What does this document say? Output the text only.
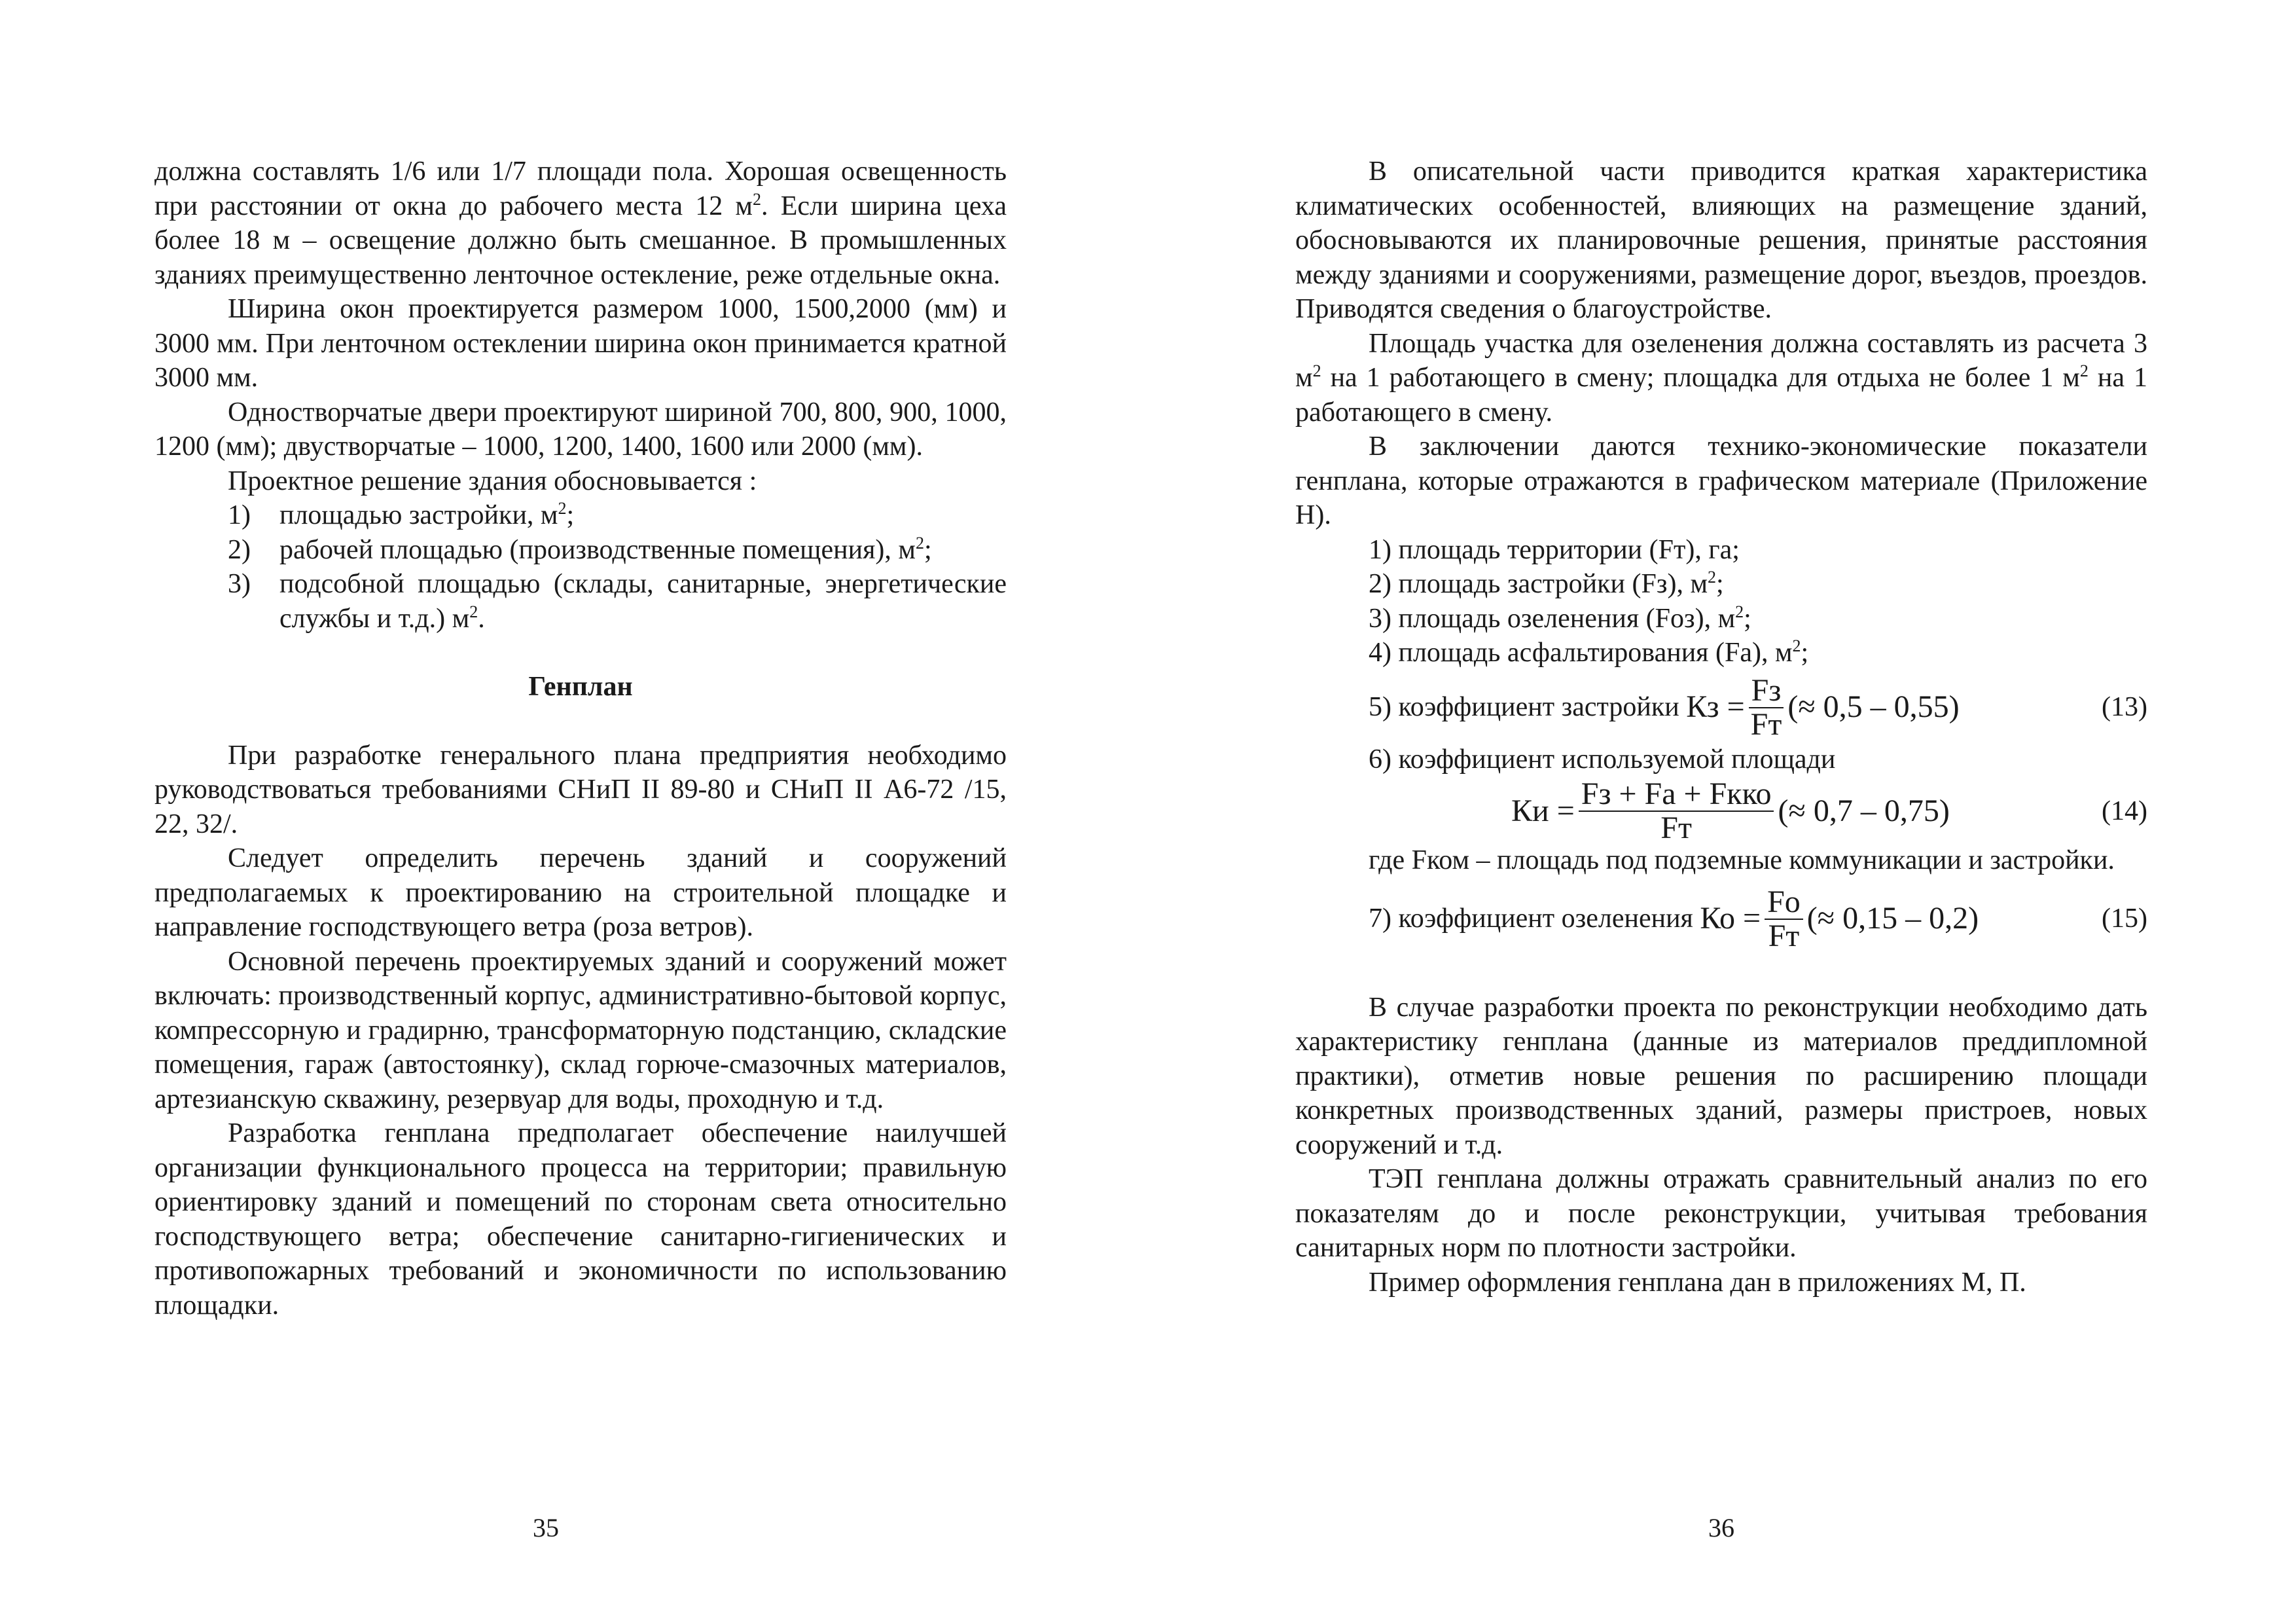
должна составлять 1/6 или 1/7 площади пола. Хорошая освещенность при расстоянии от окна до рабочего места 12 $м^2$. Если ширина цеха более 18 м – освещение должно быть смешанное. В промышленных зданиях преимущественно ленточное остекление, реже отдельные окна.

Ширина окон проектируется размером 1000, 1500,2000 (мм) и 3000 мм. При ленточном остеклении ширина окон принимается кратной 3000 мм.

Одностворчатые двери проектируют шириной 700, 800, 900, 1000, 1200 (мм); двустворчатые – 1000, 1200, 1400, 1600 или 2000 (мм).

Проектное решение здания обосновывается :

1)	площадью застройки, $м^2$;
2)	рабочей площадью (производственные помещения), $м^2$;
3)	подсобной площадью (склады, санитарные, энергетические службы и т.д.) $м^2$.
Генплан

При разработке генерального плана предприятия необходимо руководствоваться требованиями СНиП II 89-80 и СНиП II А6-72 /15, 22, 32/.

Следует определить перечень зданий и сооружений предполагаемых к проектированию на строительной площадке и направление господствующего ветра (роза ветров).

Основной перечень проектируемых зданий и сооружений может включать: производственный корпус, административно-бытовой корпус, компрессорную и градирню, трансформаторную подстанцию, складские помещения, гараж (автостоянку), склад горюче-смазочных материалов, артезианскую скважину, резервуар для воды, проходную и т.д.

Разработка генплана предполагает обеспечение наилучшей организации функционального процесса на территории; правильную ориентировку зданий и помещений по сторонам света относительно господствующего ветра; обеспечение санитарно-гигиенических и противопожарных требований и экономичности по использованию площадки.

35

В описательной части приводится краткая характеристика климатических особенностей, влияющих на размещение зданий, обосновываются их планировочные решения, принятые расстояния между зданиями и сооружениями, размещение дорог, въездов, проездов. Приводятся сведения о благоустройстве.

Площадь участка для озеленения должна составлять из расчета 3 $м^2$ на 1 работающего в смену; площадка для отдыха не более 1 $м^2$ на 1 работающего в смену.

В заключении даются технико-экономические показатели генплана, которые отражаются в графическом материале (Приложение Н).

1) площадь территории (Fт), га;
2) площадь застройки (Fз), $м^2$;
3) площадь озеленения (Fоз), $м^2$;
4) площадь асфальтирования (Fа), $м^2$;
5) коэффициент застройки
Кз = $\frac{Fз}{Fт}$ (≈ 0,5 – 0,55)	(13)
6) коэффициент используемой площади
Ки = $\frac{\text{Fз + Fа + Fкко}}{Fт}$ (≈ 0,7 – 0,75)	(14)

где Fком – площадь под подземные коммуникации и застройки.

7) коэффициент озеленения
Ко = $\frac{Fо}{Fт}$ (≈ 0,15 – 0,2)	(15)

В случае разработки проекта по реконструкции необходимо дать характеристику генплана (данные из материалов преддипломной практики), отметив новые решения по расширению площади конкретных производственных зданий, размеры пристроев, новых сооружений и т.д.

ТЭП генплана должны отражать сравнительный анализ по его показателям до и после реконструкции, учитывая требования санитарных норм по плотности застройки.

Пример оформления генплана дан в приложениях М, П.

36
